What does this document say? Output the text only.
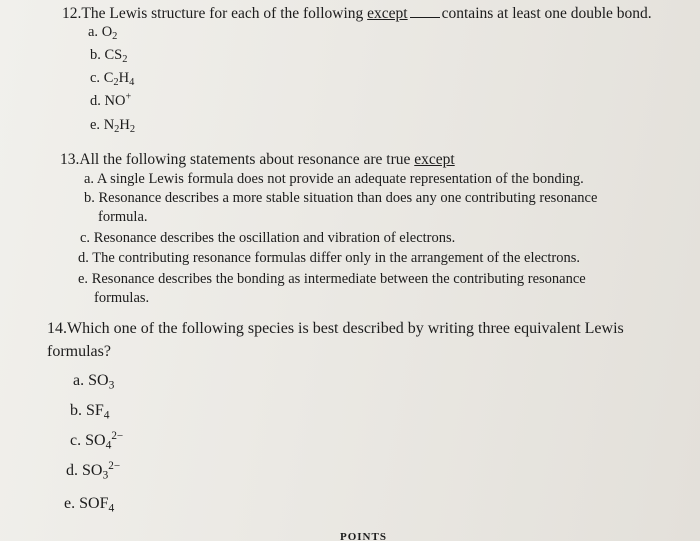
12.The Lewis structure for each of the following except contains at least one double bond.
a. $O_2$
b. $CS_2$
c. $C_2H_4$
d. NO+
e. $N_2H_2$
13.All the following statements about resonance are true except
a. A single Lewis formula does not provide an adequate representation of the bonding.
b. Resonance describes a more stable situation than does any one contributing resonance
formula.
c. Resonance describes the oscillation and vibration of electrons.
d. The contributing resonance formulas differ only in the arrangement of the electrons.
e. Resonance describes the bonding as intermediate between the contributing resonance
formulas.
14.Which one of the following species is best described by writing three equivalent Lewis
formulas?
a. $SO_3$
b. $SF_4$
c. $SO_4^{2-}$
d. $SO_3^{2-}$
e. $SOF_4$
POINTS
